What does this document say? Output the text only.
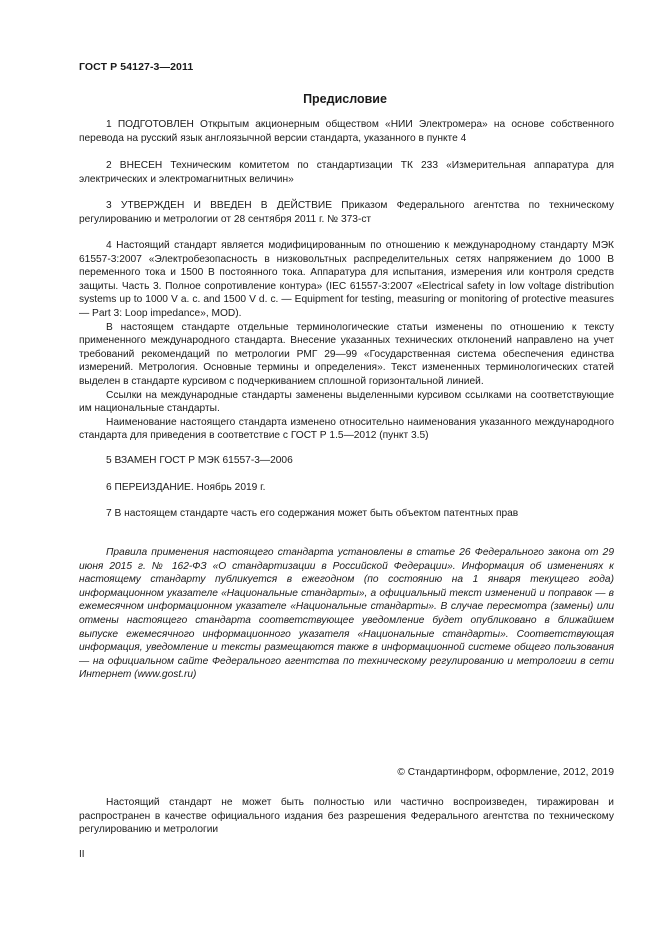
ГОСТ Р 54127-3—2011
Предисловие

1 ПОДГОТОВЛЕН Открытым акционерным обществом «НИИ Электромера» на основе собственного перевода на русский язык англоязычной версии стандарта, указанного в пункте 4

2 ВНЕСЕН Техническим комитетом по стандартизации ТК 233 «Измерительная аппаратура для электрических и электромагнитных величин»

3 УТВЕРЖДЕН И ВВЕДЕН В ДЕЙСТВИЕ Приказом Федерального агентства по техническому регулированию и метрологии от 28 сентября 2011 г. № 373-ст

4 Настоящий стандарт является модифицированным по отношению к международному стандарту МЭК 61557-3:2007 «Электробезопасность в низковольтных распределительных сетях напряжением до 1000 В переменного тока и 1500 В постоянного тока. Аппаратура для испытания, измерения или контроля средств защиты. Часть 3. Полное сопротивление контура» (IEC 61557-3:2007 «Electrical safety in low voltage distribution systems up to 1000 V a. c. and 1500 V d. c. — Equipment for testing, measuring or monitoring of protective measures — Part 3: Loop impedance», MOD).

В настоящем стандарте отдельные терминологические статьи изменены по отношению к тексту примененного международного стандарта. Внесение указанных технических отклонений направлено на учет требований рекомендаций по метрологии РМГ 29—99 «Государственная система обеспечения единства измерений. Метрология. Основные термины и определения». Текст измененных терминологических статей выделен в стандарте курсивом с подчеркиванием сплошной горизонтальной линией.

Ссылки на международные стандарты заменены выделенными курсивом ссылками на соответствующие им национальные стандарты.

Наименование настоящего стандарта изменено относительно наименования указанного международного стандарта для приведения в соответствие с ГОСТ Р 1.5—2012 (пункт 3.5)

5 ВЗАМЕН ГОСТ Р МЭК 61557-3—2006

6 ПЕРЕИЗДАНИЕ. Ноябрь 2019 г.

7 В настоящем стандарте часть его содержания может быть объектом патентных прав

Правила применения настоящего стандарта установлены в статье 26 Федерального закона от 29 июня 2015 г. № 162-ФЗ «О стандартизации в Российской Федерации». Информация об изменениях к настоящему стандарту публикуется в ежегодном (по состоянию на 1 января текущего года) информационном указателе «Национальные стандарты», а официальный текст изменений и поправок — в ежемесячном информационном указателе «Национальные стандарты». В случае пересмотра (замены) или отмены настоящего стандарта соответствующее уведомление будет опубликовано в ближайшем выпуске ежемесячного информационного указателя «Национальные стандарты». Соответствующая информация, уведомление и тексты размещаются также в информационной системе общего пользования — на официальном сайте Федерального агентства по техническому регулированию и метрологии в сети Интернет (www.gost.ru)

© Стандартинформ, оформление, 2012, 2019

Настоящий стандарт не может быть полностью или частично воспроизведен, тиражирован и распространен в качестве официального издания без разрешения Федерального агентства по техническому регулированию и метрологии

II
